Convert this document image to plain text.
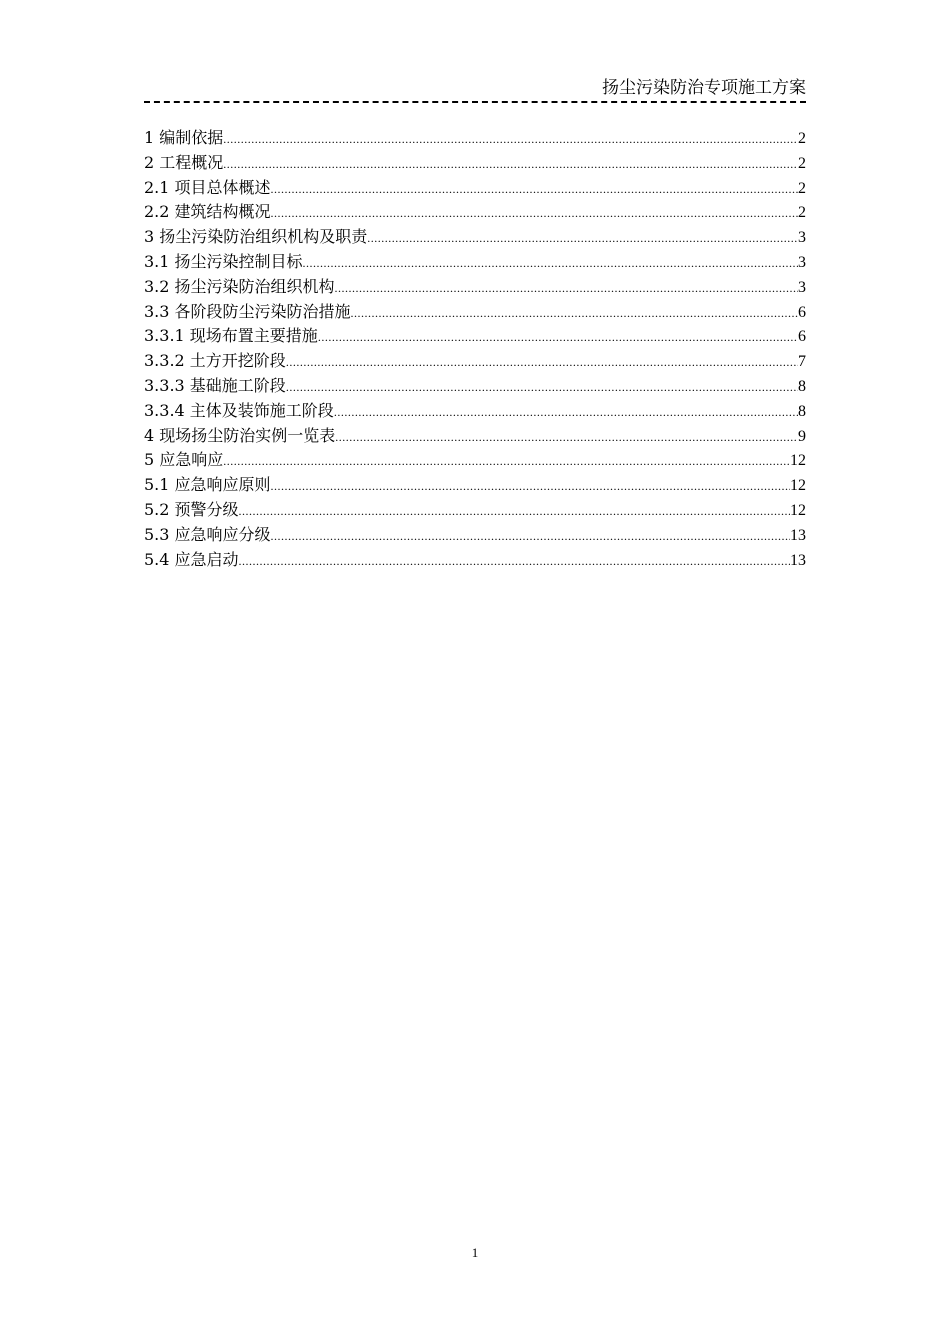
扬尘污染防治专项施工方案
1 编制依据 .....	2
2 工程概况 .....	2
2.1 项目总体概述 .....	2
2.2 建筑结构概况 .....	2
3 扬尘污染防治组织机构及职责 .....	3
3.1 扬尘污染控制目标 .....	3
3.2 扬尘污染防治组织机构 .....	3
3.3 各阶段防尘污染防治措施 .....	6
3.3.1 现场布置主要措施 .....	6
3.3.2 土方开挖阶段 .....	7
3.3.3 基础施工阶段 .....	8
3.3.4 主体及装饰施工阶段 .....	8
4 现场扬尘防治实例一览表 .....	9
5 应急响应 .....	12
5.1 应急响应原则 .....	12
5.2 预警分级 .....	12
5.3 应急响应分级 .....	13
5.4 应急启动 .....	13
1
